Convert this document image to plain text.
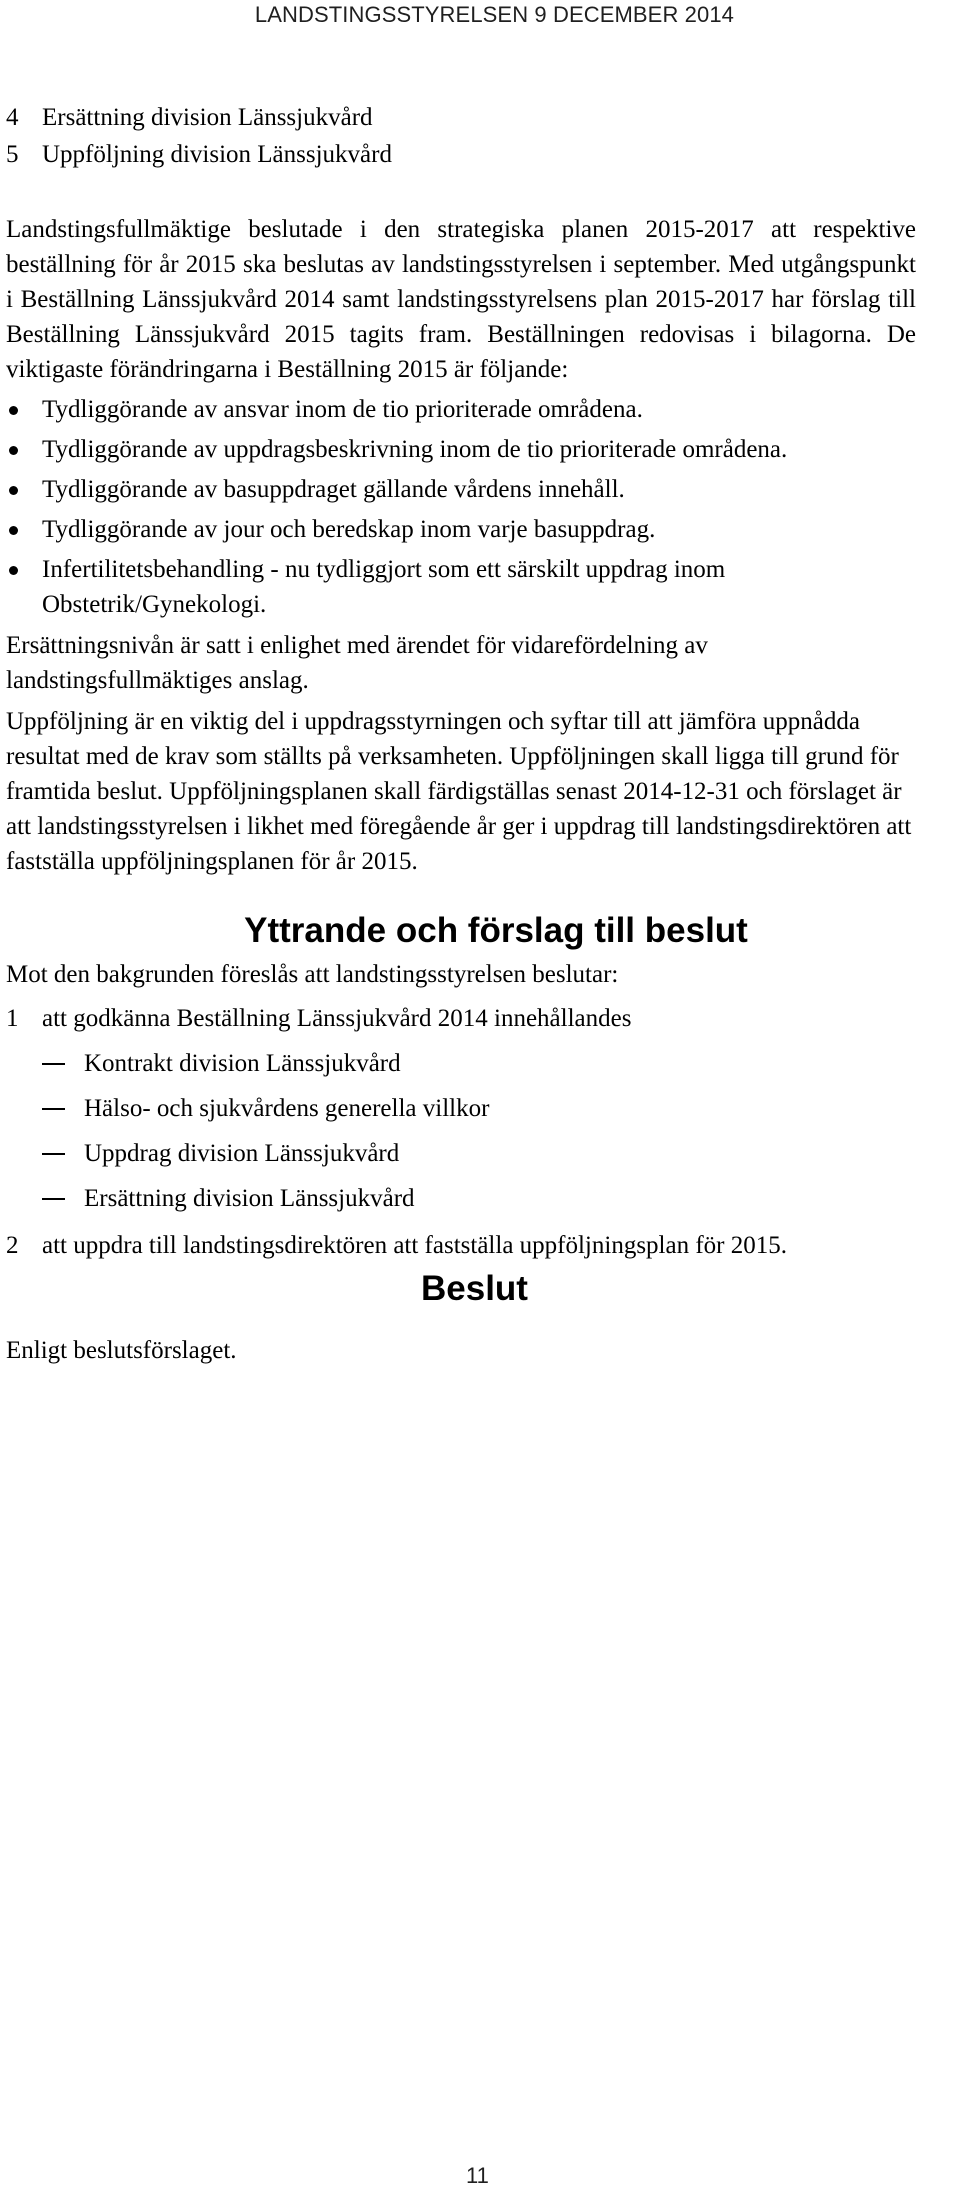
LANDSTINGSSTYRELSEN 9 DECEMBER 2014
4 Ersättning division Länssjukvård
5 Uppföljning division Länssjukvård

Landstingsfullmäktige beslutade i den strategiska planen 2015-2017 att respektive beställning för år 2015 ska beslutas av landstingsstyrelsen i september. Med utgångspunkt i Beställning Länssjukvård 2014 samt landstingsstyrelsens plan 2015-2017 har förslag till Beställning Länssjukvård 2015 tagits fram. Beställningen redovisas i bilagorna. De viktigaste förändringarna i Beställning 2015 är följande:

Tydliggörande av ansvar inom de tio prioriterade områdena.
Tydliggörande av uppdragsbeskrivning inom de tio prioriterade områdena.
Tydliggörande av basuppdraget gällande vårdens innehåll.
Tydliggörande av jour och beredskap inom varje basuppdrag.
Infertilitetsbehandling - nu tydliggjort som ett särskilt uppdrag inom Obstetrik/Gynekologi.

Ersättningsnivån är satt i enlighet med ärendet för vidarefördelning av landstingsfullmäktiges anslag.

Uppföljning är en viktig del i uppdragsstyrningen och syftar till att jämföra uppnådda resultat med de krav som ställts på verksamheten. Uppföljningen skall ligga till grund för framtida beslut. Uppföljningsplanen skall färdigställas senast 2014-12-31 och förslaget är att landstingsstyrelsen i likhet med föregående år ger i uppdrag till landstingsdirektören att fastställa uppföljningsplanen för år 2015.

Yttrande och förslag till beslut

Mot den bakgrunden föreslås att landstingsstyrelsen beslutar:

1 att godkänna Beställning Länssjukvård 2014 innehållandes
Kontrakt division Länssjukvård
Hälso- och sjukvårdens generella villkor
Uppdrag division Länssjukvård
Ersättning division Länssjukvård
2 att uppdra till landstingsdirektören att fastställa uppföljningsplan för 2015.
Beslut
Enligt beslutsförslaget.
11
